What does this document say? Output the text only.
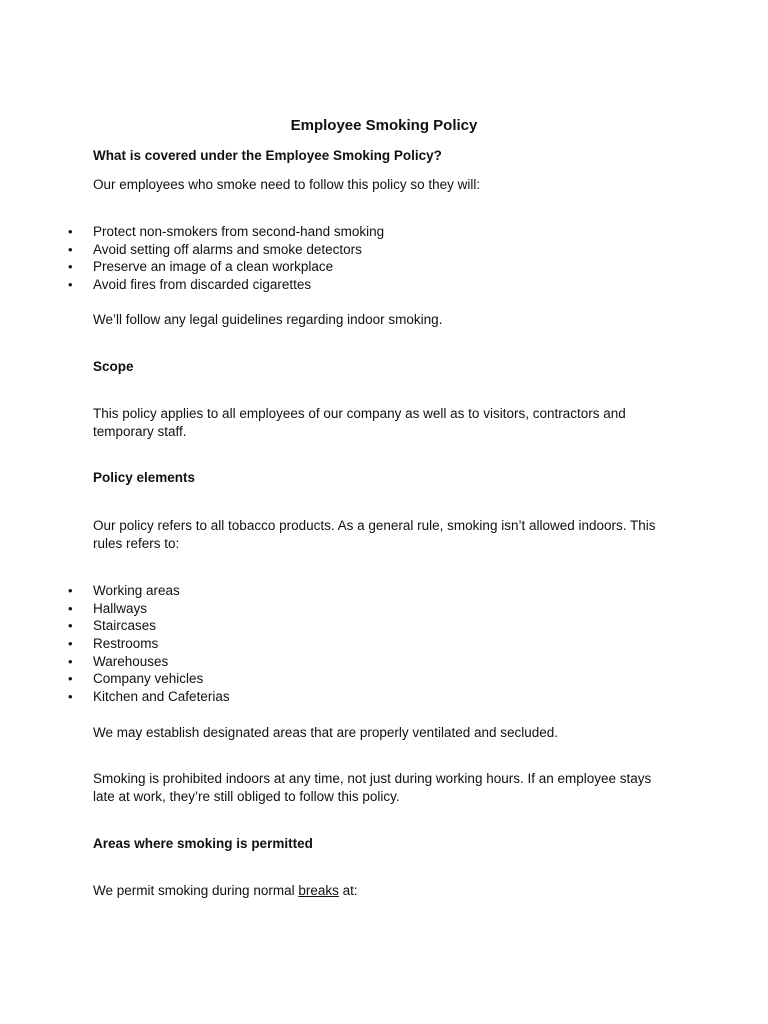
Employee Smoking Policy
What is covered under the Employee Smoking Policy?
Our employees who smoke need to follow this policy so they will:
• Protect non-smokers from second-hand smoking
• Avoid setting off alarms and smoke detectors
• Preserve an image of a clean workplace
• Avoid fires from discarded cigarettes
We’ll follow any legal guidelines regarding indoor smoking.
Scope
This policy applies to all employees of our company as well as to visitors, contractors and temporary staff.
Policy elements
Our policy refers to all tobacco products. As a general rule, smoking isn’t allowed indoors. This rules refers to:
• Working areas
• Hallways
• Staircases
• Restrooms
• Warehouses
• Company vehicles
• Kitchen and Cafeterias
We may establish designated areas that are properly ventilated and secluded.
Smoking is prohibited indoors at any time, not just during working hours. If an employee stays late at work, they’re still obliged to follow this policy.
Areas where smoking is permitted
We permit smoking during normal breaks at:
